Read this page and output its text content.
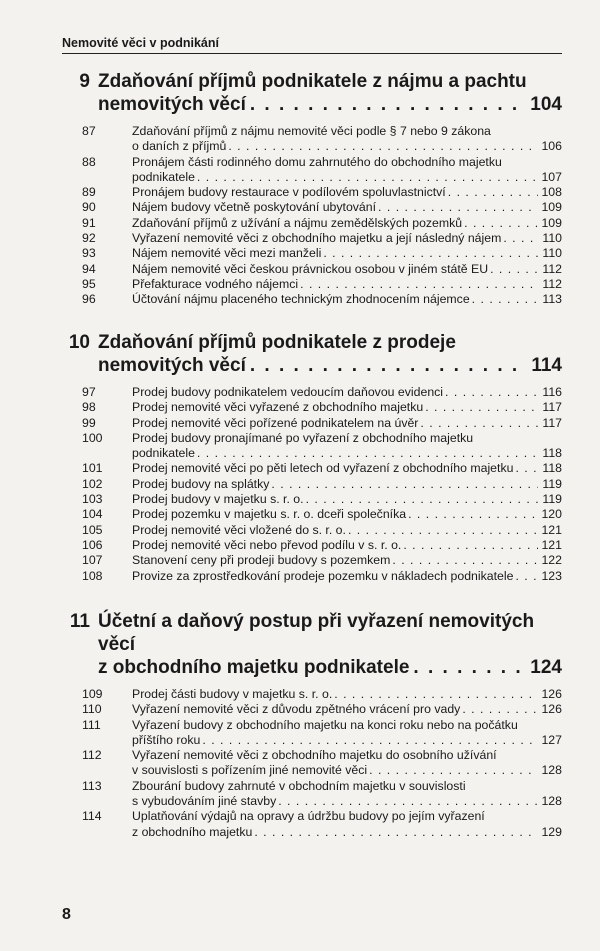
Nemovité věci v podnikání
9 Zdaňování příjmů podnikatele z nájmu a pachtu
nemovitých věcí . . .	104
87	Zdaňování příjmů z nájmu nemovité věci podle § 7 nebo 9 zákona
o daních z příjmů . . .	106
88	Pronájem části rodinného domu zahrnutého do obchodního majetku
podnikatele . . .	107
89	Pronájem budovy restaurace v podílovém spoluvlastnictví . . .	108
90	Nájem budovy včetně poskytování ubytování . . .	109
91	Zdaňování příjmů z užívání a nájmu zemědělských pozemků . . .	109
92	Vyřazení nemovité věci z obchodního majetku a její následný nájem . . .	110
93	Nájem nemovité věci mezi manželi . . .	110
94	Nájem nemovité věci českou právnickou osobou v jiném státě EU . . .	112
95	Přefakturace vodného nájemci . . .	112
96	Účtování nájmu placeného technickým zhodnocením nájemce . . .	113
10 Zdaňování příjmů podnikatele z prodeje
nemovitých věcí . . .	114
97	Prodej budovy podnikatelem vedoucím daňovou evidenci . . .	116
98	Prodej nemovité věci vyřazené z obchodního majetku . . .	117
99	Prodej nemovité věci pořízené podnikatelem na úvěr . . .	117
100	Prodej budovy pronajímané po vyřazení z obchodního majetku
podnikatele . . .	118
101	Prodej nemovité věci po pěti letech od vyřazení z obchodního majetku . . . 118
102	Prodej budovy na splátky . . .	119
103	Prodej budovy v majetku s. r. o. . . .	119
104	Prodej pozemku v majetku s. r. o. dceři společníka . . .	120
105	Prodej nemovité věci vložené do s. r. o. . . .	121
106	Prodej nemovité věci nebo převod podílu v s. r. o. . . .	121
107	Stanovení ceny při prodeji budovy s pozemkem . . .	122
108	Provize za zprostředkování prodeje pozemku v nákladech podnikatele . . . 123
11 Účetní a daňový postup při vyřazení nemovitých věcí
z obchodního majetku podnikatele . . .	124
109	Prodej části budovy v majetku s. r. o. . . .	126
110	Vyřazení nemovité věci z důvodu zpětného vrácení pro vady . . .	126
111	Vyřazení budovy z obchodního majetku na konci roku nebo na počátku
příštího roku . . .	127
112	Vyřazení nemovité věci z obchodního majetku do osobního užívání
v souvislosti s pořízením jiné nemovité věci . . .	128
113	Zbourání budovy zahrnuté v obchodním majetku v souvislosti
s vybudováním jiné stavby . . .	128
114	Uplatňování výdajů na opravy a údržbu budovy po jejím vyřazení
z obchodního majetku . . .	129
8
